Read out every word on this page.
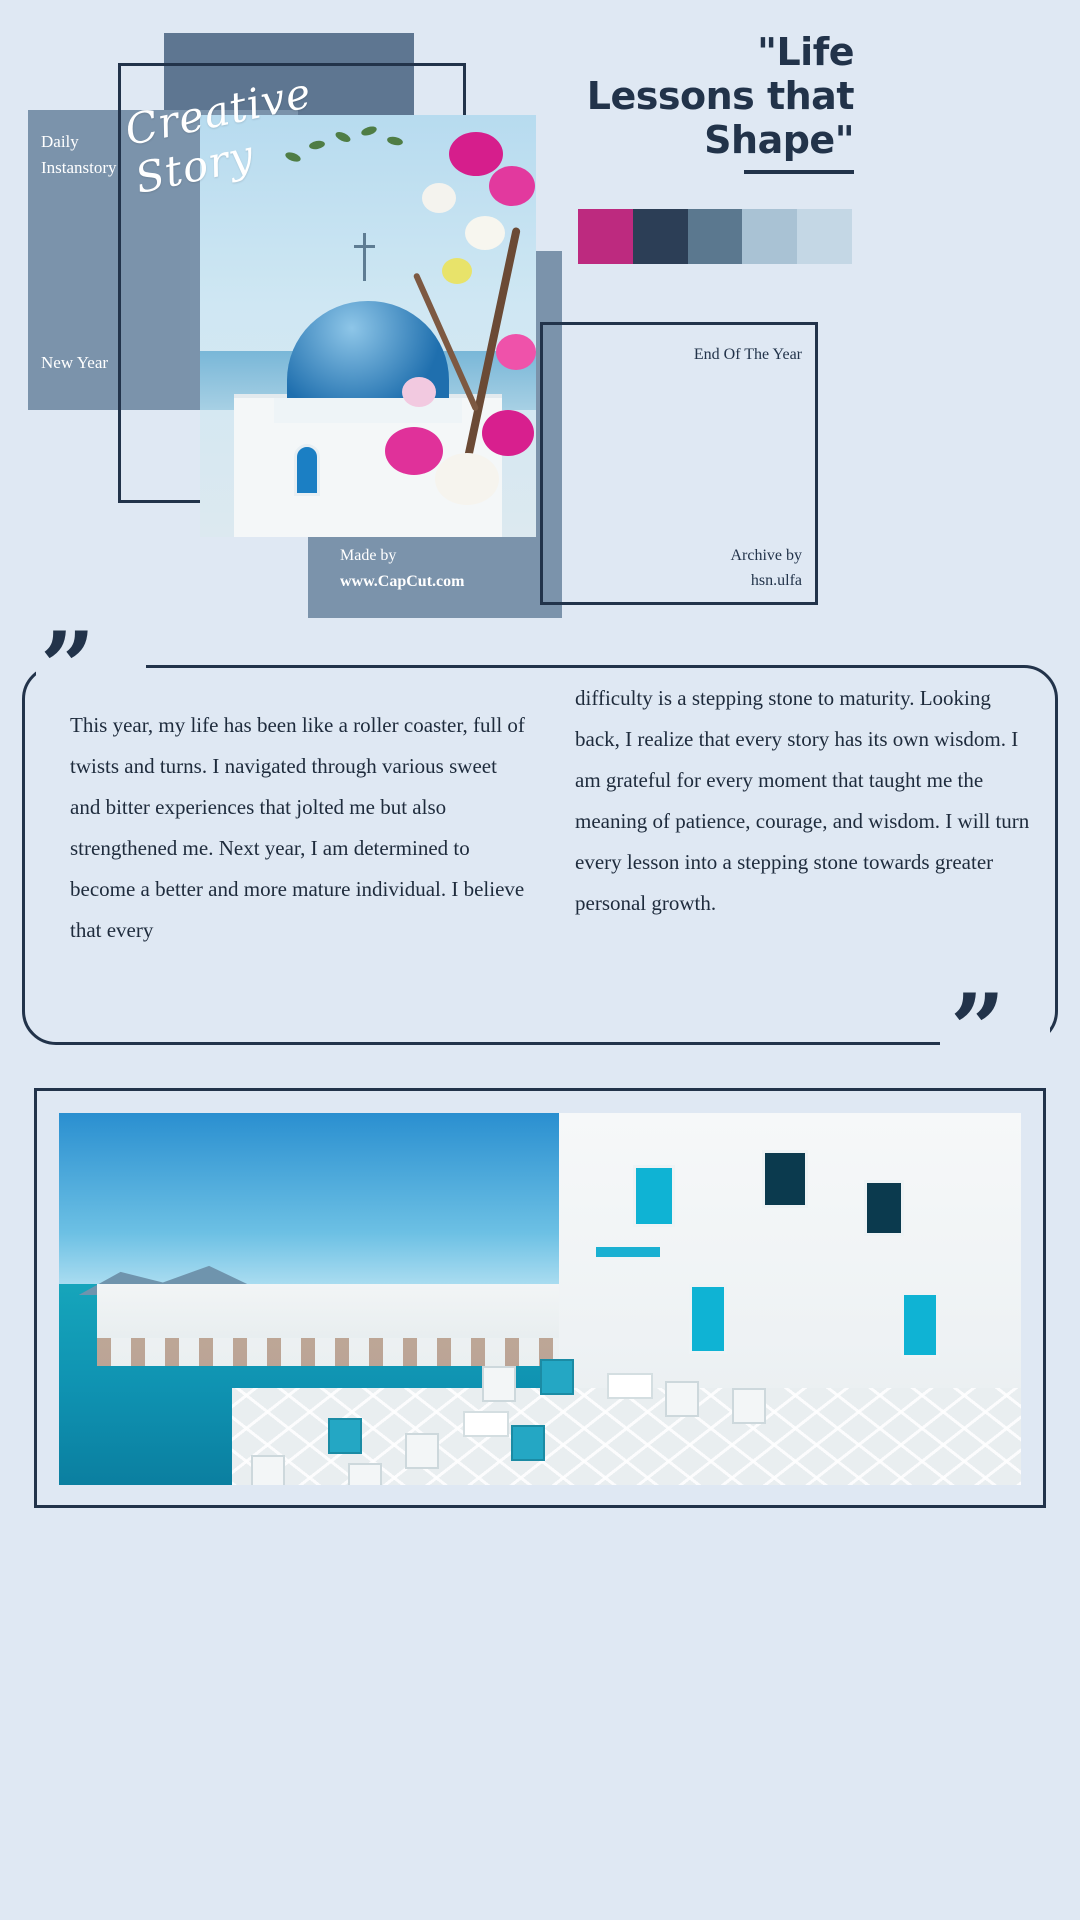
Daily Instanstory
New Year
Creative Story
"Life Lessons that Shape"
End Of The Year
Made by
www.CapCut.com
Archive by
hsn.ulfa
”
”

This year, my life has been like a roller coaster, full of twists and turns. I navigated through various sweet and bitter experiences that jolted me but also strengthened me. Next year, I am determined to become a better and more mature individual. I believe that every

difficulty is a stepping stone to maturity. Looking back, I realize that every story has its own wisdom. I am grateful for every moment that taught me the meaning of patience, courage, and wisdom. I will turn every lesson into a stepping stone towards greater personal growth.
